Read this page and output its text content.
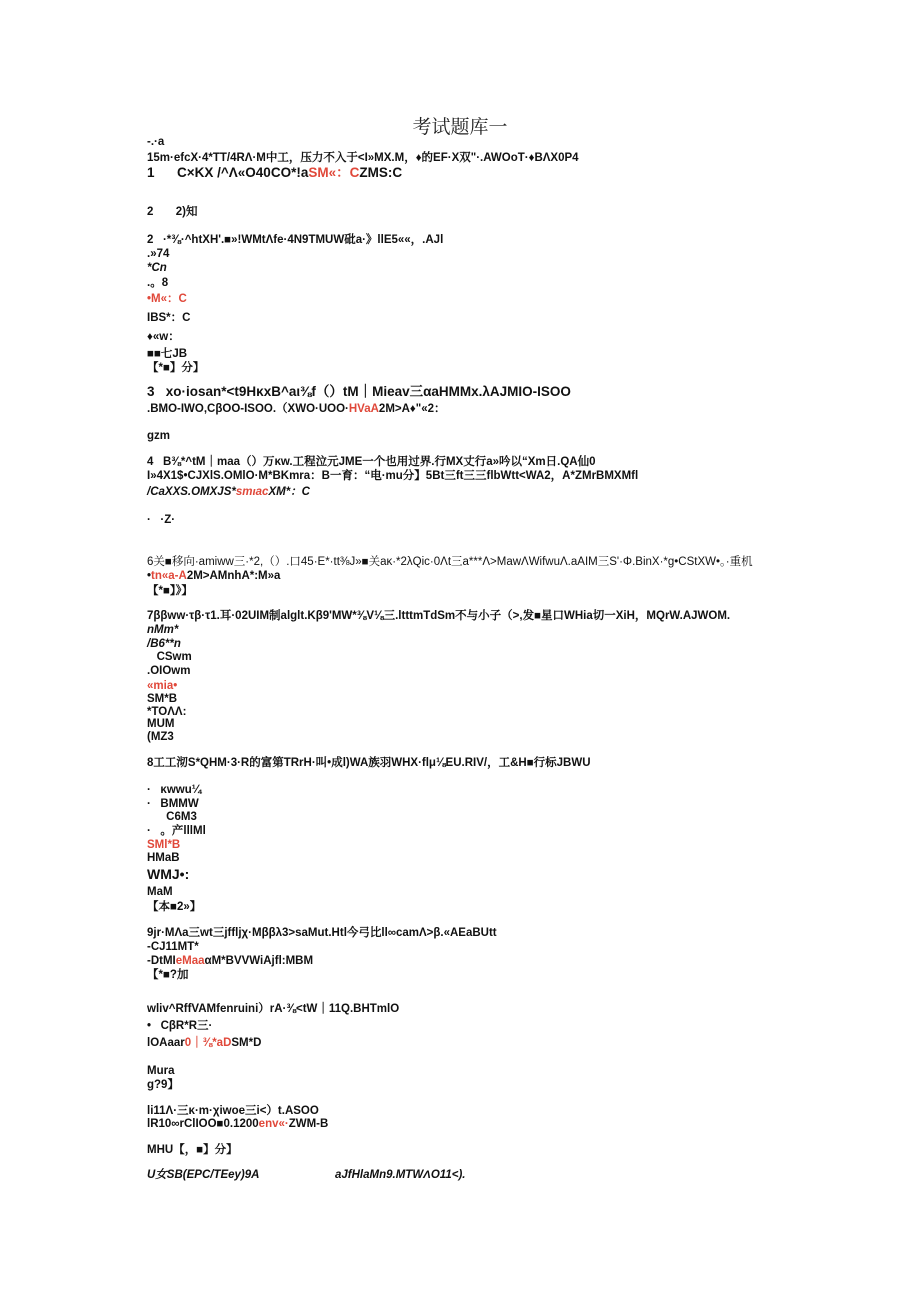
考试题库一
-.·a
15m·efcX·4*TT/4RΛ·M中工，压力不入于<I»MX.M，♦的EF·X双"·.AWOoT·♦BΛX0P4
1      C×KX /^Λ«O40CO*!aSM«：CZMS:C
2       2)知
2   ·*⅜·^htXH'.■»!WMtΛfe·4N9TMUW砒a·》llE5««，.AJl
.»74
*Cn
.。8
•M«：C
IBS*：C
♦«w：
■■七JB
【*■】分】
3   xo·iosan*<t9HκxB^aι⅜f（）tM｜Mieav三αaHMMx.λAJMIO-ISOO
.BMO-IWO,CβOO-ISOO.（XWO·UOO·HVaA2M>A♦"«2：
gzm
4   B⅜*^tM｜maa（）万κw.工程泣元JME一个也用过界.行MX丈行a»吟以“Xm日.QA仙0
I»4X1$•CJXlS.OMlO·M*BKmra：B一育：“电·mu分】5Bt三ft三三flbWtt<WA2，A*ZMrBMXMfl
/CaXXS.OMXJS*smιacXM*：C
·   ·Z·
6关■移向·amiww三·*2,（）.口45·E*·tt⅜J»■关aκ·*2λQic·0Λt三a***Λ>MawΛWifwuΛ.aAIM三S'·Φ.BinX·*g•CStXW•。·重机
•tn«a-A2M>AMnhA*:M»a
【*■】》】
7ββww·τβ·τ1.耳·02UIM制alglt.Kβ9'MW*⅜V⅛三.ltttmTdSm不与小子（>,发■星口WHia切一XiH，MQrW.AJWOM.
nMm*
/B6**n
CSwm
.OIOwm
«mia•
SM*B
*TOΛΛ:
MUM
(MZ3
8工工沏S*QHM·3·R的富第TRrH·叫•成l)WA族羽WHX·flμ⅛EU.RIV/，工&H■行标JBWU
·   κwwu¼
·   BMMW
C6M3
·   。产lllMl
SMl*B
HMaB
WMJ•:
MaM
【本■2»】
9jr·MΛa三wt三jffljχ·Mββλ3>saMut.Htl今弓比ll∞camΛ>β.«AEaBUtt
-CJ11MT*
-DtMIeMaaαM*BVVWiAjfl:MBM
【*■?加
wliv^RffVAMfenruini）rA·⅜<tW｜11Q.BHTmlO
•   CβR*R三·
lOAaar0｜⅜*aDSM*D
Mura
g?9】
li11Λ·三κ·m·χiwoe三i<）t.ASOO
lR10∞rClIOO■0.1200env«·ZWM-B
MHU【，■】分】
U女SB(EPC/TEey)9A	aJfHlaMn9.MTWΛO11<).
